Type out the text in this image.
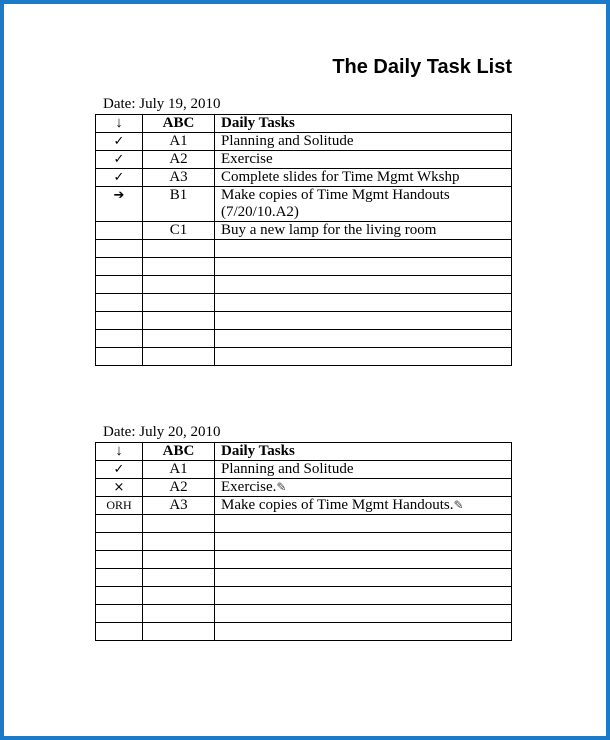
The Daily Task List
Date: July 19, 2010
↓	ABC	Daily Tasks
✓	A1	Planning and Solitude
✓	A2	Exercise
✓	A3	Complete slides for Time Mgmt Wkshp
➔	B1	Make copies of Time Mgmt Handouts (7/20/10.A2)
	C1	Buy a new lamp for the living room

Date: July 20, 2010
↓	ABC	Daily Tasks
✓	A1	Planning and Solitude
×	A2	Exercise.✎
ORH	A3	Make copies of Time Mgmt Handouts.✎
